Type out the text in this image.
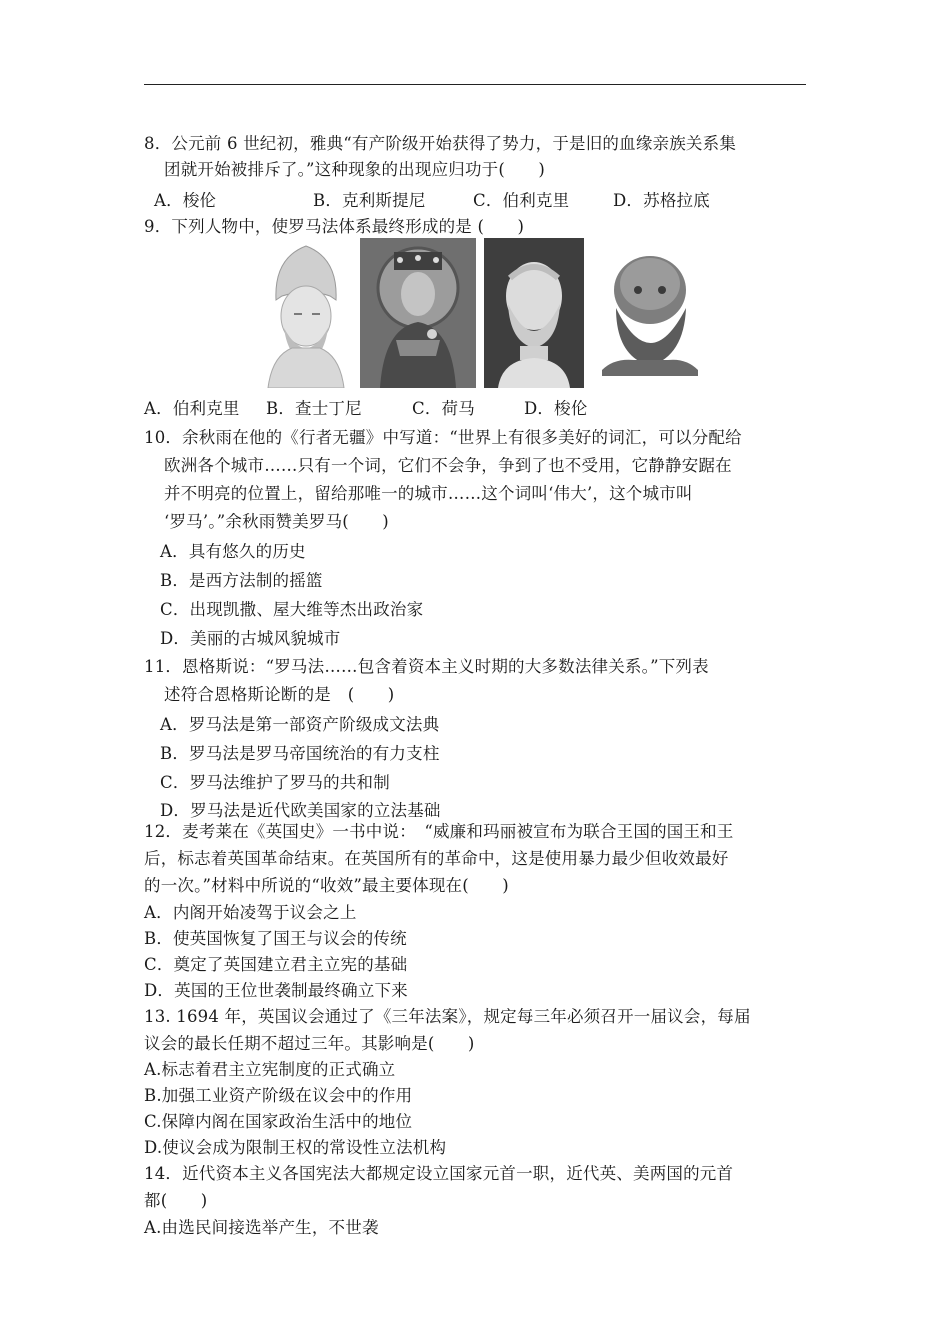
8．公元前 6 世纪初，雅典“有产阶级开始获得了势力，于是旧的血缘亲族关系集
团就开始被排斥了。”这种现象的出现应归功于(　　)
A．梭伦	B．克利斯提尼	C．伯利克里	D．苏格拉底
9．下列人物中，使罗马法体系最终形成的是 (　　)
A．伯利克里 B．查士丁尼	C．荷马	D．梭伦
10．余秋雨在他的《行者无疆》中写道：“世界上有很多美好的词汇，可以分配给
欧洲各个城市……只有一个词，它们不会争，争到了也不受用，它静静安踞在
并不明亮的位置上，留给那唯一的城市……这个词叫‘伟大’，这个城市叫
‘罗马’。”余秋雨赞美罗马(　　)
A．具有悠久的历史
B．是西方法制的摇篮
C．出现凯撒、屋大维等杰出政治家
D．美丽的古城风貌城市
11．恩格斯说：“罗马法……包含着资本主义时期的大多数法律关系。”下列表
述符合恩格斯论断的是　(　　)
A．罗马法是第一部资产阶级成文法典
B．罗马法是罗马帝国统治的有力支柱
C．罗马法维护了罗马的共和制
D．罗马法是近代欧美国家的立法基础
12．麦考莱在《英国史》一书中说：　“威廉和玛丽被宣布为联合王国的国王和王
后，标志着英国革命结束。在英国所有的革命中，这是使用暴力最少但收效最好
的一次。”材料中所说的“收效”最主要体现在(　　)
A．内阁开始凌驾于议会之上
B．使英国恢复了国王与议会的传统
C．奠定了英国建立君主立宪的基础
D．英国的王位世袭制最终确立下来
13. 1694 年，英国议会通过了《三年法案》，规定每三年必须召开一届议会，每届
议会的最长任期不超过三年。其影响是(　　)
A.标志着君主立宪制度的正式确立
B.加强工业资产阶级在议会中的作用
C.保障内阁在国家政治生活中的地位
D.使议会成为限制王权的常设性立法机构
14．近代资本主义各国宪法大都规定设立国家元首一职，近代英、美两国的元首
都(　　)
A.由选民间接选举产生，不世袭
